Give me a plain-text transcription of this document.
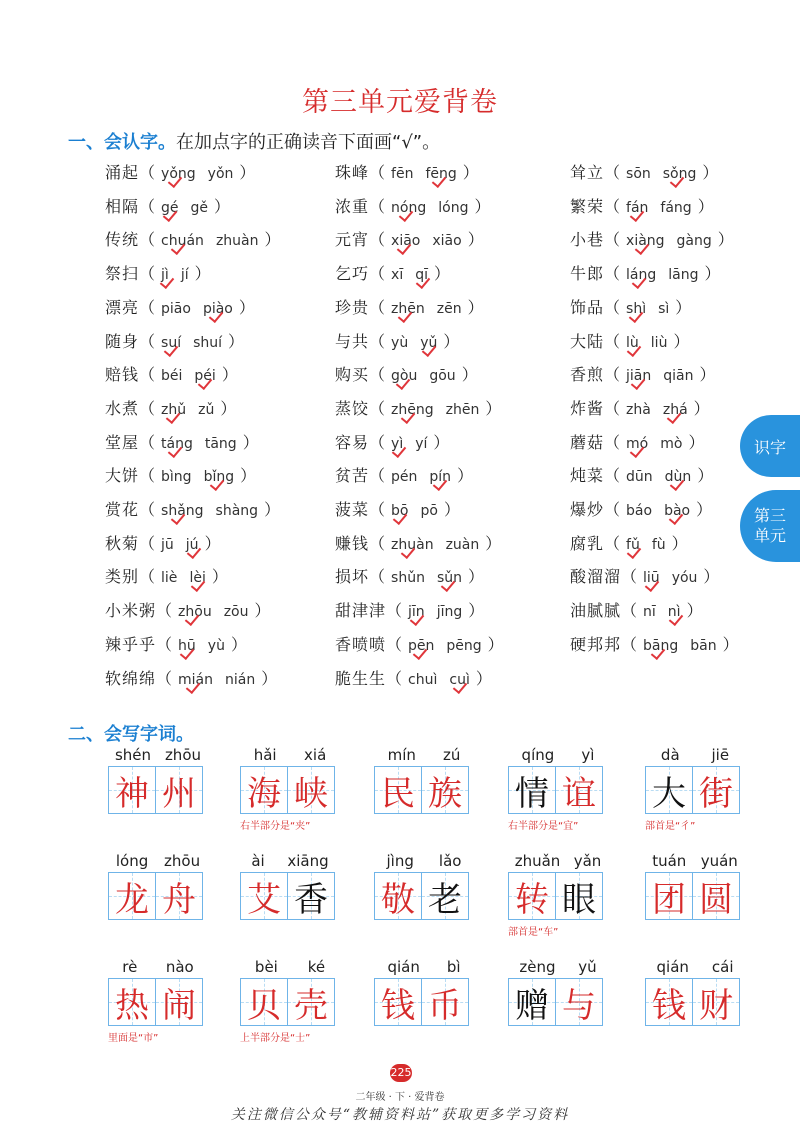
第三单元爱背卷
一、会认字。在加点字的正确读音下面画“√”。
涌起（ yǒng yǒn ）	珠峰（ fēn fēng ）	耸立（ sōn sǒng ）
相隔（ gé gě ）	浓重（ nóng lóng ）	繁荣（ fán fáng ）
传统（ chuán zhuàn ）	元宵（ xiāo xiāo ）	小巷（ xiàng gàng ）
祭扫（ jì jí ）	乞巧（ xī qī ）	牛郎（ láng lāng ）
漂亮（ piāo piào ）	珍贵（ zhēn zēn ）	饰品（ shì sì ）
随身（ suí shuí ）	与共（ yù yǔ ）	大陆（ lù liù ）
赔钱（ béi péi ）	购买（ gòu gōu ）	香煎（ jiān qiān ）
水煮（ zhǔ zǔ ）	蒸饺（ zhēng zhēn ）	炸酱（ zhà zhá ）
堂屋（ táng tāng ）	容易（ yì yí ）	蘑菇（ mó mò ）
大饼（ bìng bǐng ）	贫苦（ pén pín ）	炖菜（ dūn dùn ）
赏花（ shǎng shàng ）	菠菜（ bō pō ）	爆炒（ báo bào ）
秋菊（ jū jú ）	赚钱（ zhuàn zuàn ）	腐乳（ fǔ fù ）
类别（ liè lèi ）	损坏（ shǔn sǔn ）	酸溜溜（ liū yóu ）
小米粥（ zhōu zōu ）	甜津津（ jīn jīng ）	油腻腻（ nī nì ）
辣乎乎（ hū yù ）	香喷喷（ pēn pēng ）	硬邦邦（ bāng bān ）
软绵绵（ mián nián ）	脆生生（ chuì cuì ）
二、会写字词。
shén zhōu
神 州
hǎi xiá
海 峡
右半部分是“夹”
mín zú
民 族
qíng yì
情 谊
右半部分是“宜”
dà jiē
大 街
部首是“彳”
lóng zhōu
龙 舟
ài xiāng
艾 香
jìng lǎo
敬 老
zhuǎn yǎn
转 眼
部首是“车”
tuán yuán
团 圆
rè nào
热 闹
里面是“市”
bèi ké
贝 壳
上半部分是“士”
qián bì
钱 币
zèng yǔ
赠 与
qián cái
钱 财
识字
第三
单元
225
二年级 · 下 · 爱背卷
关注微信公众号“教辅资料站”获取更多学习资料
